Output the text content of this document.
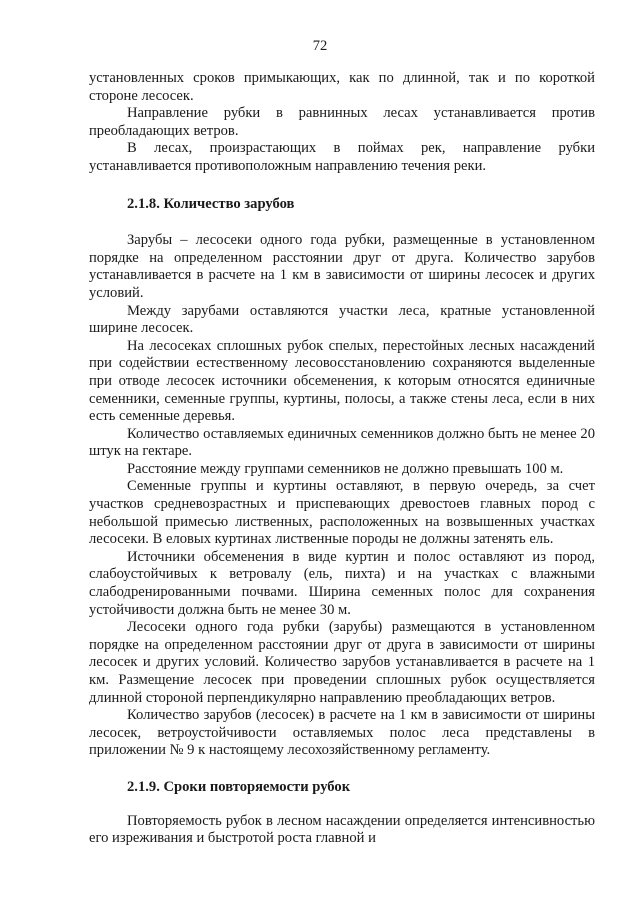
72

установленных сроков примыкающих, как по длинной, так и по короткой стороне лесосек.

Направление рубки в равнинных лесах устанавливается против преобладающих ветров.

В лесах, произрастающих в поймах рек, направление рубки устанавливается противоположным направлению течения реки.

2.1.8. Количество зарубов

Зарубы – лесосеки одного года рубки, размещенные в установленном порядке на определенном расстоянии друг от друга. Количество зарубов устанавливается в расчете на 1 км в зависимости от ширины лесосек и других условий.

Между зарубами оставляются участки леса, кратные установленной ширине лесосек.

На лесосеках сплошных рубок спелых, перестойных лесных насаждений при содействии естественному лесовосстановлению сохраняются выделенные при отводе лесосек источники обсеменения, к которым относятся единичные семенники, семенные группы, куртины, полосы, а также стены леса, если в них есть семенные деревья.

Количество оставляемых единичных семенников должно быть не менее 20 штук на гектаре.

Расстояние между группами семенников не должно превышать 100 м.

Семенные группы и куртины оставляют, в первую очередь, за счет участков средневозрастных и приспевающих древостоев главных пород с небольшой примесью лиственных, расположенных на возвышенных участках лесосеки. В еловых куртинах лиственные породы не должны затенять ель.

Источники обсеменения в виде куртин и полос оставляют из пород, слабоустойчивых к ветровалу (ель, пихта) и на участках с влажными слабодренированными почвами. Ширина семенных полос для сохранения устойчивости должна быть не менее 30 м.

Лесосеки одного года рубки (зарубы) размещаются в установленном порядке на определенном расстоянии друг от друга в зависимости от ширины лесосек и других условий. Количество зарубов устанавливается в расчете на 1 км. Размещение лесосек при проведении сплошных рубок осуществляется длинной стороной перпендикулярно направлению преобладающих ветров.

Количество зарубов (лесосек) в расчете на 1 км в зависимости от ширины лесосек, ветроустойчивости оставляемых полос леса представлены в приложении № 9 к настоящему лесохозяйственному регламенту.

2.1.9. Сроки повторяемости рубок

Повторяемость рубок в лесном насаждении определяется интенсивностью его изреживания и быстротой роста главной и
